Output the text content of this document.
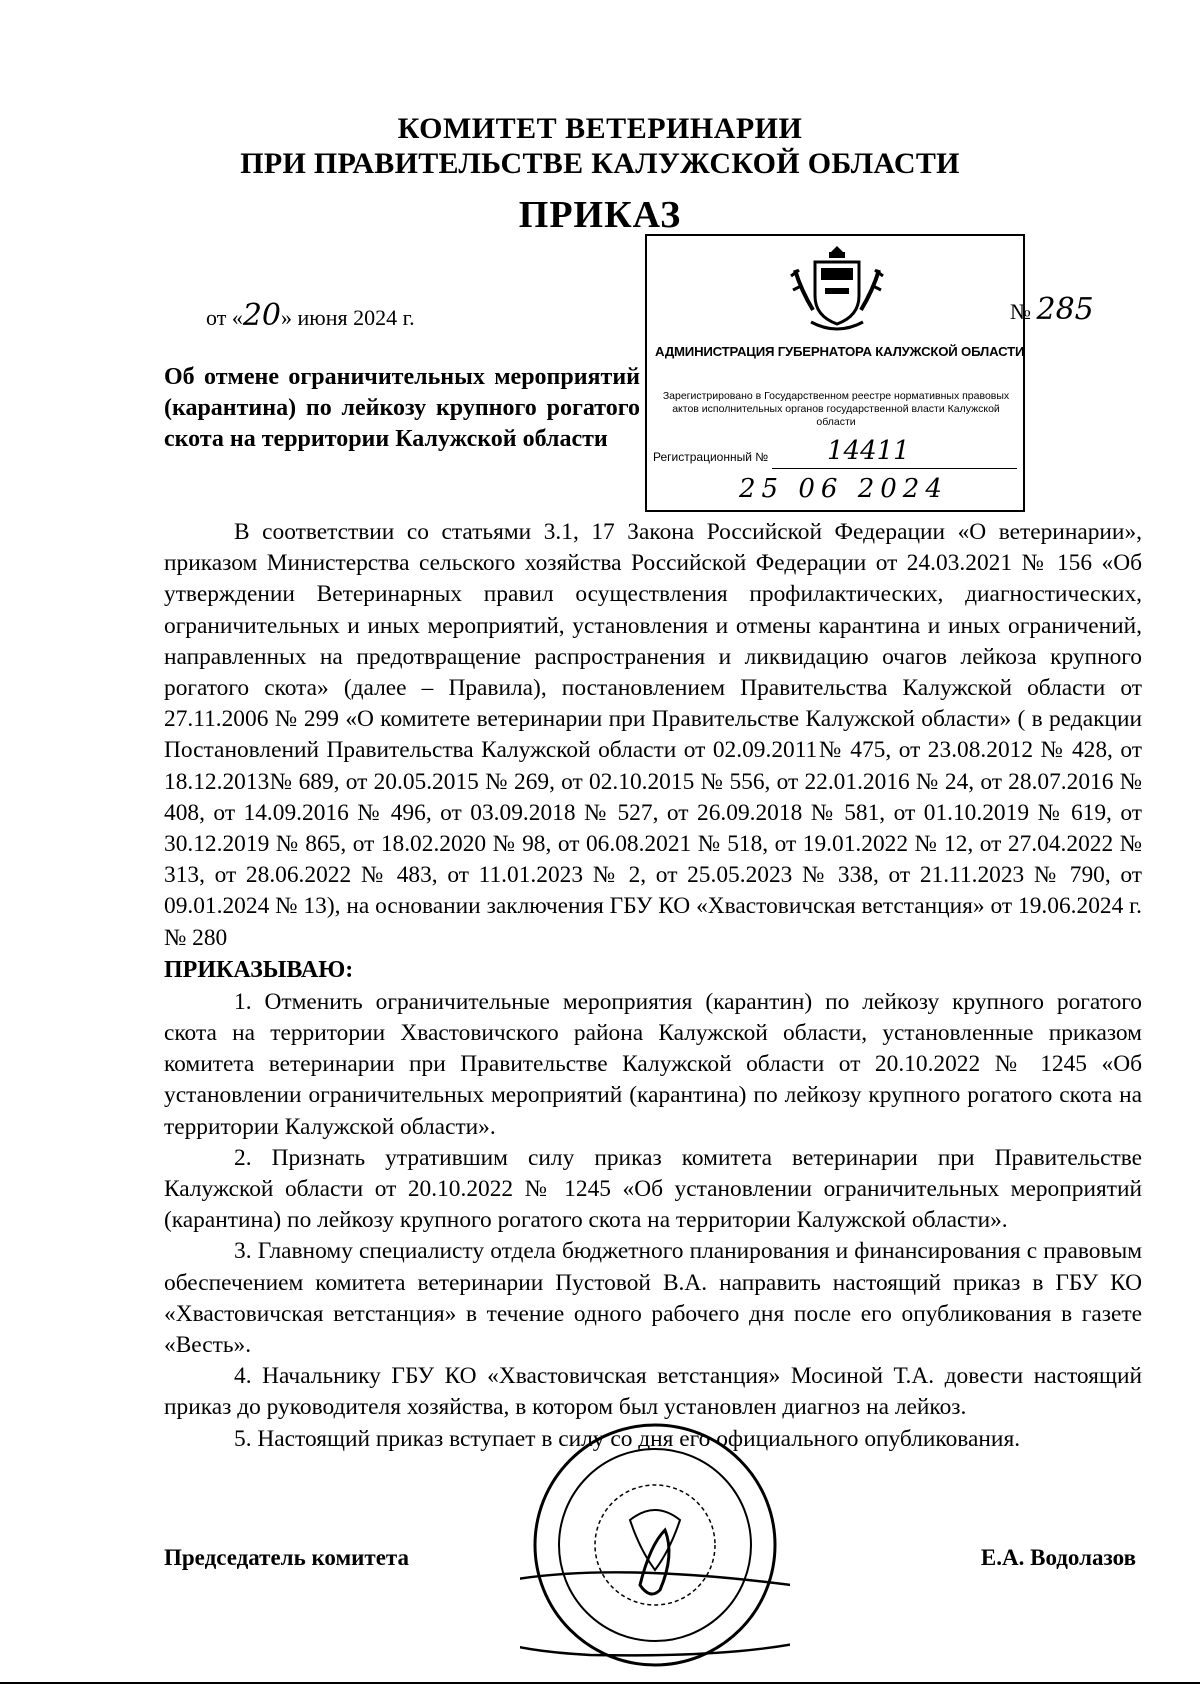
КОМИТЕТ ВЕТЕРИНАРИИ
ПРИ ПРАВИТЕЛЬСТВЕ КАЛУЖСКОЙ ОБЛАСТИ
ПРИКАЗ
от «20» июня 2024 г.	№ 285
АДМИНИСТРАЦИЯ ГУБЕРНАТОРА КАЛУЖСКОЙ ОБЛАСТИ
Зарегистрировано в Государственном реестре нормативных правовых актов исполнительных органов государственной власти Калужской области
Регистрационный № 14411
25 06 2024
Об отмене ограничительных мероприятий (карантина) по лейкозу крупного рогатого скота на территории Калужской области

В соответствии со статьями 3.1, 17 Закона Российской Федерации «О ветеринарии», приказом Министерства сельского хозяйства Российской Федерации от 24.03.2021 № 156 «Об утверждении Ветеринарных правил осуществления профилактических, диагностических, ограничительных и иных мероприятий, установления и отмены карантина и иных ограничений, направленных на предотвращение распространения и ликвидацию очагов лейкоза крупного рогатого скота» (далее – Правила), постановлением Правительства Калужской области от 27.11.2006 № 299 «О комитете ветеринарии при Правительстве Калужской области» ( в редакции Постановлений Правительства Калужской области от 02.09.2011№ 475, от 23.08.2012 № 428, от 18.12.2013№ 689, от 20.05.2015 № 269, от 02.10.2015 № 556, от 22.01.2016 № 24, от 28.07.2016 № 408, от 14.09.2016 № 496, от 03.09.2018 № 527, от 26.09.2018 № 581, от 01.10.2019 № 619, от 30.12.2019 № 865, от 18.02.2020 № 98, от 06.08.2021 № 518, от 19.01.2022 № 12, от 27.04.2022 № 313, от 28.06.2022 № 483, от 11.01.2023 № 2, от 25.05.2023 № 338, от 21.11.2023 № 790, от 09.01.2024 № 13), на основании заключения ГБУ КО «Хвастовичская ветстанция» от 19.06.2024 г. № 280

ПРИКАЗЫВАЮ:

1. Отменить ограничительные мероприятия (карантин) по лейкозу крупного рогатого скота на территории Хвастовичского района Калужской области, установленные приказом комитета ветеринарии при Правительстве Калужской области от 20.10.2022 № 1245 «Об установлении ограничительных мероприятий (карантина) по лейкозу крупного рогатого скота на территории Калужской области».

2. Признать утратившим силу приказ комитета ветеринарии при Правительстве Калужской области от 20.10.2022 № 1245 «Об установлении ограничительных мероприятий (карантина) по лейкозу крупного рогатого скота на территории Калужской области».

3. Главному специалисту отдела бюджетного планирования и финансирования с правовым обеспечением комитета ветеринарии Пустовой В.А. направить настоящий приказ в ГБУ КО «Хвастовичская ветстанция» в течение одного рабочего дня после его опубликования в газете «Весть».

4. Начальнику ГБУ КО «Хвастовичская ветстанция» Мосиной Т.А. довести настоящий приказ до руководителя хозяйства, в котором был установлен диагноз на лейкоз.

5. Настоящий приказ вступает в силу со дня его официального опубликования.

Председатель комитета	Е.А. Водолазов
